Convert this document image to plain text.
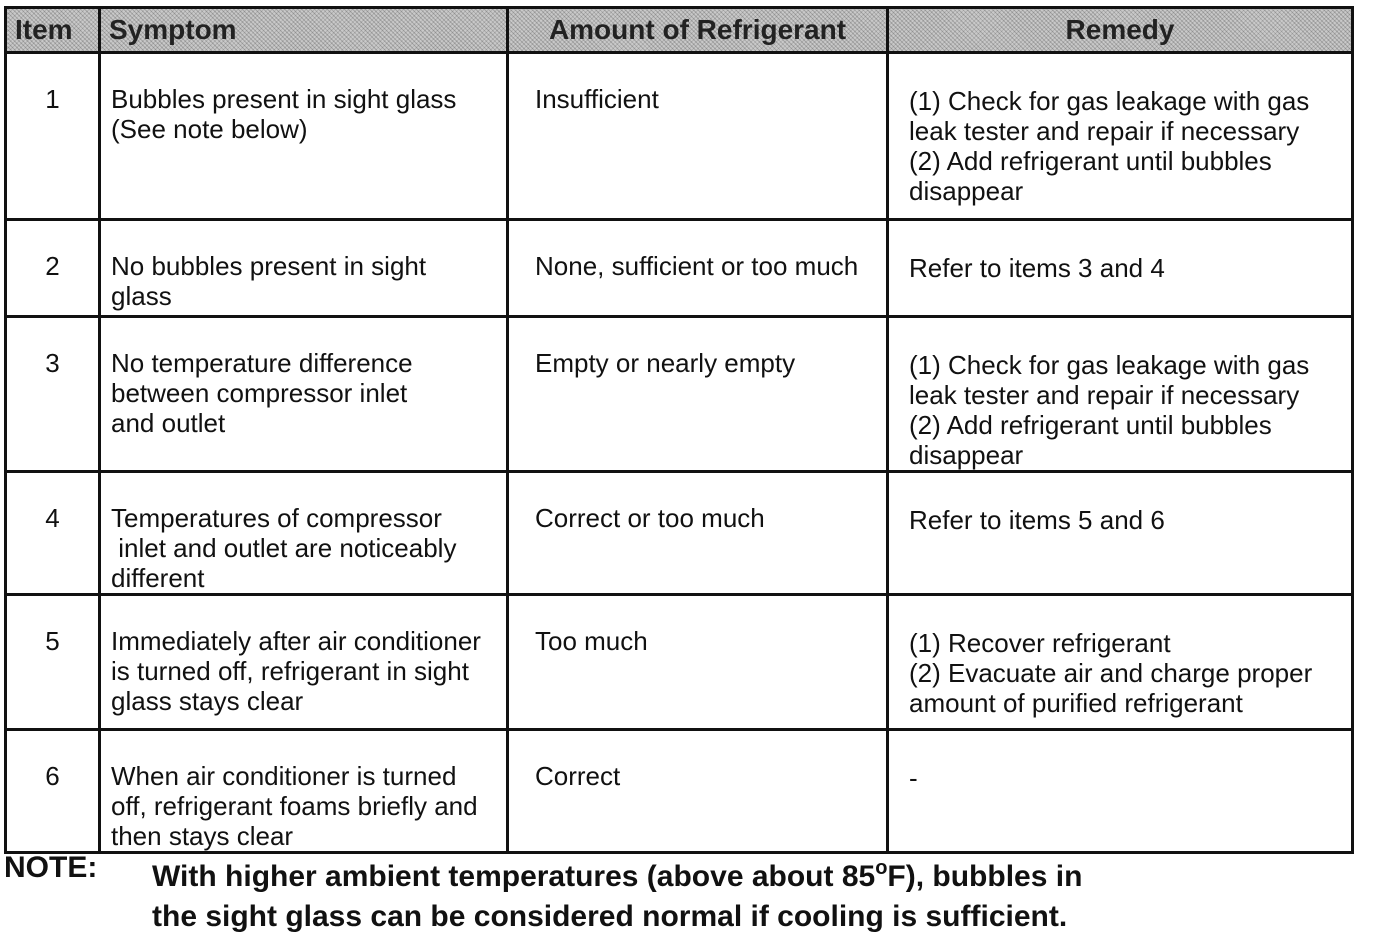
Item	Symptom	Amount of Refrigerant	Remedy
1	Bubbles present in sight glass
(See note below)	Insufficient	(1) Check for gas leakage with gas
leak tester and repair if necessary
(2) Add refrigerant until bubbles
disappear

2	No bubbles present in sight
glass	None, sufficient or too much	Refer to items 3 and 4

3	No temperature difference
between compressor inlet
and outlet	Empty or nearly empty	(1) Check for gas leakage with gas
leak tester and repair if necessary
(2) Add refrigerant until bubbles
disappear

4	Temperatures of compressor
inlet and outlet are noticeably
different	Correct or too much	Refer to items 5 and 6

5	Immediately after air conditioner
is turned off, refrigerant in sight
glass stays clear	Too much	(1) Recover refrigerant
(2) Evacuate air and charge proper
amount of purified refrigerant

6	When air conditioner is turned
off, refrigerant foams briefly and
then stays clear	Correct	-
NOTE: With higher ambient temperatures (above about 85$^o$F), bubbles in
the sight glass can be considered normal if cooling is sufficient.
